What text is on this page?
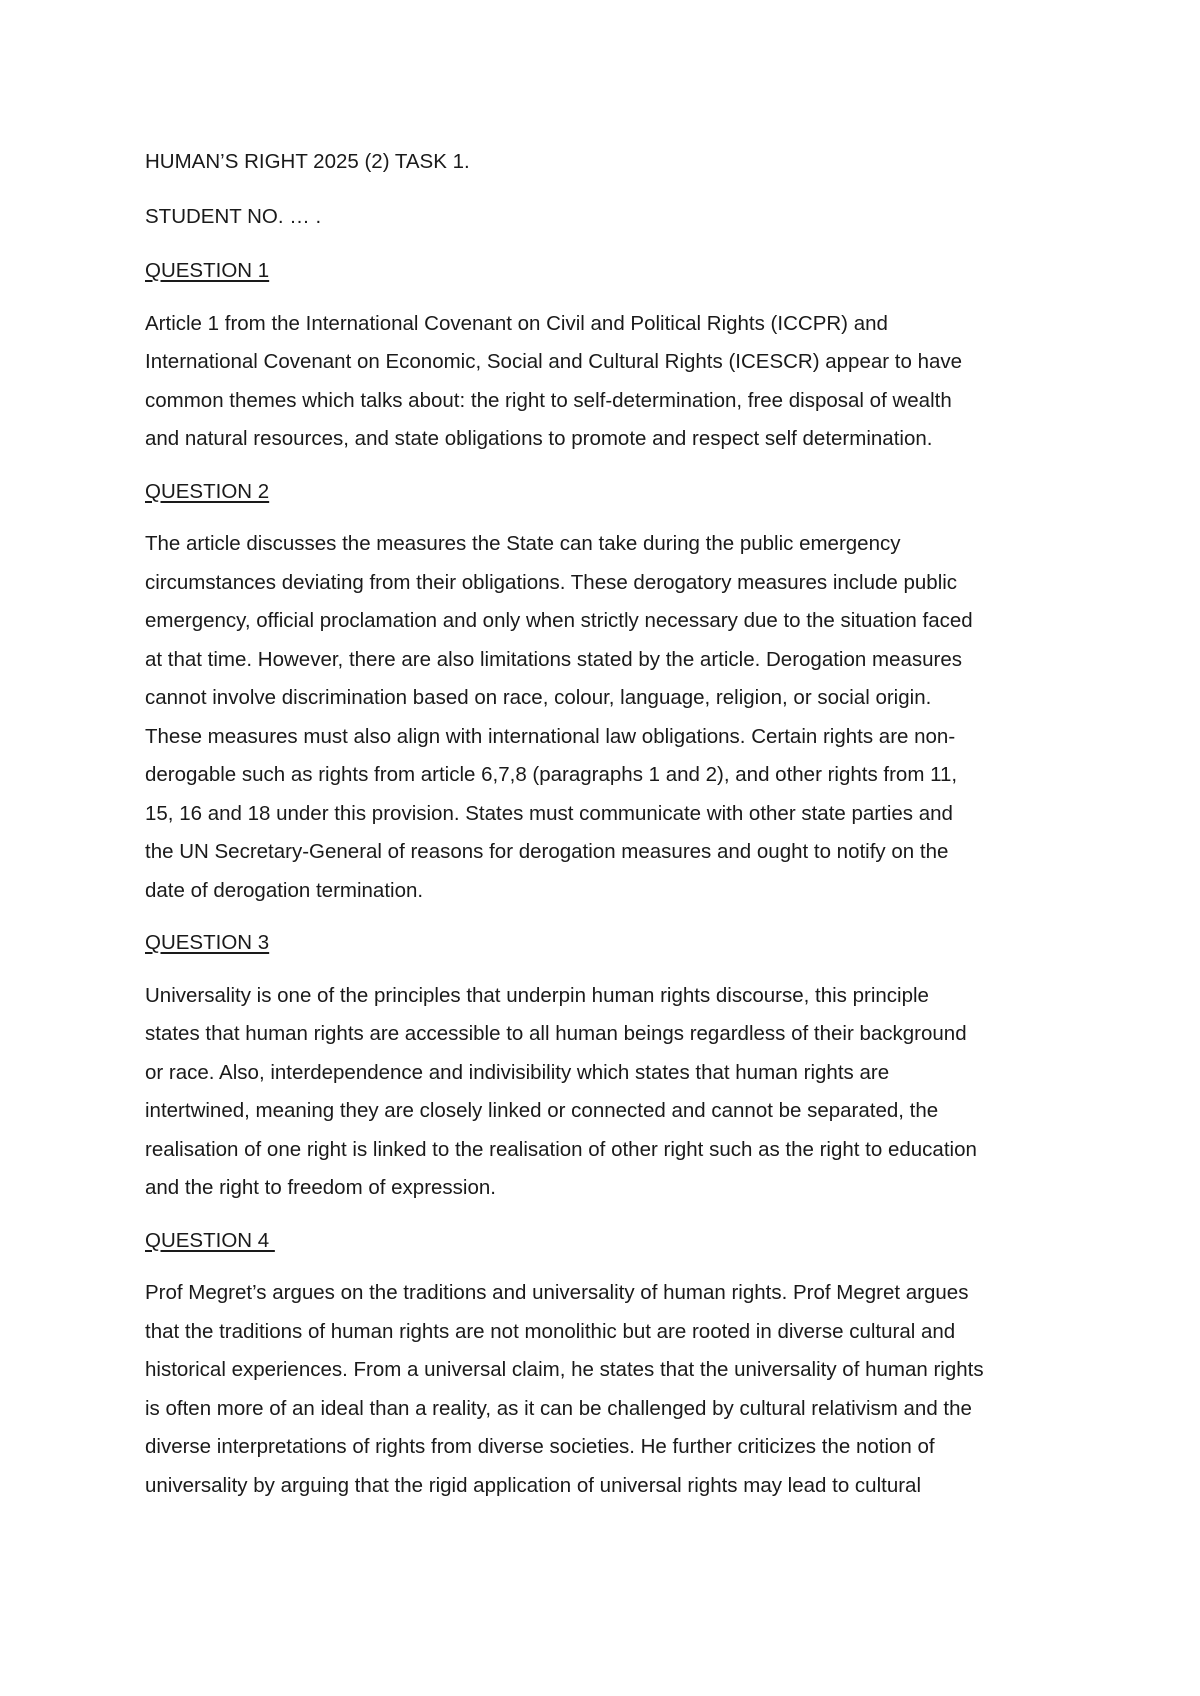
HUMAN’S RIGHT 2025 (2) TASK 1.

STUDENT NO. … .

QUESTION 1

Article 1 from the International Covenant on Civil and Political Rights (ICCPR) and
International Covenant on Economic, Social and Cultural Rights (ICESCR) appear to have
common themes which talks about: the right to self-determination, free disposal of wealth
and natural resources, and state obligations to promote and respect self determination.

QUESTION 2

The article discusses the measures the State can take during the public emergency
circumstances deviating from their obligations. These derogatory measures include public
emergency, official proclamation and only when strictly necessary due to the situation faced
at that time. However, there are also limitations stated by the article. Derogation measures
cannot involve discrimination based on race, colour, language, religion, or social origin.
These measures must also align with international law obligations. Certain rights are non-
derogable such as rights from article 6,7,8 (paragraphs 1 and 2), and other rights from 11,
15, 16 and 18 under this provision. States must communicate with other state parties and
the UN Secretary-General of reasons for derogation measures and ought to notify on the
date of derogation termination.

QUESTION 3

Universality is one of the principles that underpin human rights discourse, this principle
states that human rights are accessible to all human beings regardless of their background
or race. Also, interdependence and indivisibility which states that human rights are
intertwined, meaning they are closely linked or connected and cannot be separated, the
realisation of one right is linked to the realisation of other right such as the right to education
and the right to freedom of expression.

QUESTION 4

Prof Megret’s argues on the traditions and universality of human rights. Prof Megret argues
that the traditions of human rights are not monolithic but are rooted in diverse cultural and
historical experiences. From a universal claim, he states that the universality of human rights
is often more of an ideal than a reality, as it can be challenged by cultural relativism and the
diverse interpretations of rights from diverse societies. He further criticizes the notion of
universality by arguing that the rigid application of universal rights may lead to cultural
